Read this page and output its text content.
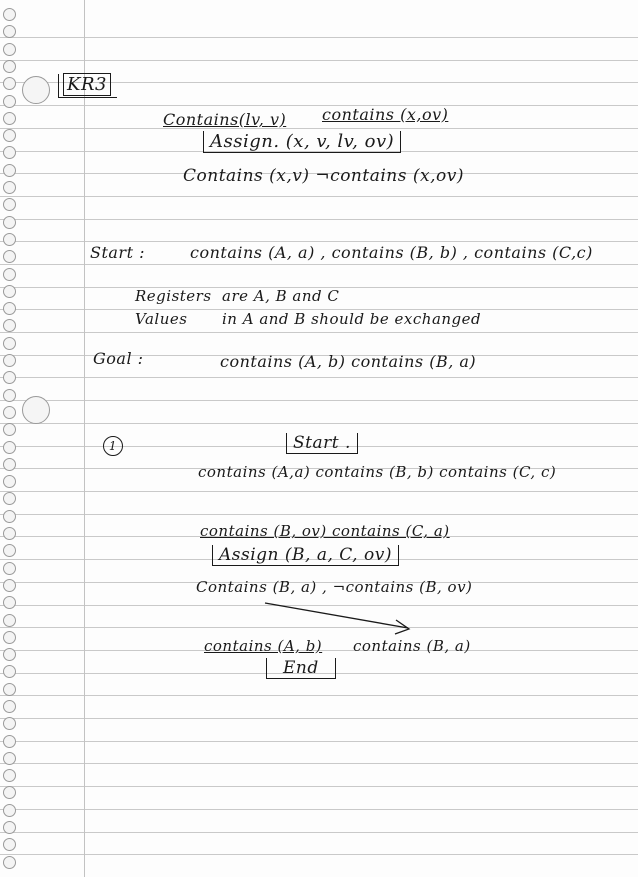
KR3
Contains(lv, v) contains (x,ov)
Assign. (x, v, lv, ov)
Contains (x,v) ¬contains (x,ov)
Start :	contains (A, a) , contains (B, b) , contains (C,c)
Registers are A, B and C
Values in A and B should be exchanged
Goal :	contains (A, b) contains (B, a)
1	Start .
contains (A,a) contains (B, b) contains (C, c)
contains (B, ov) contains (C, a)
Assign (B, a, C, ov)
Contains (B, a) , ¬contains (B, ov)
contains (A, b) contains (B, a)
End
